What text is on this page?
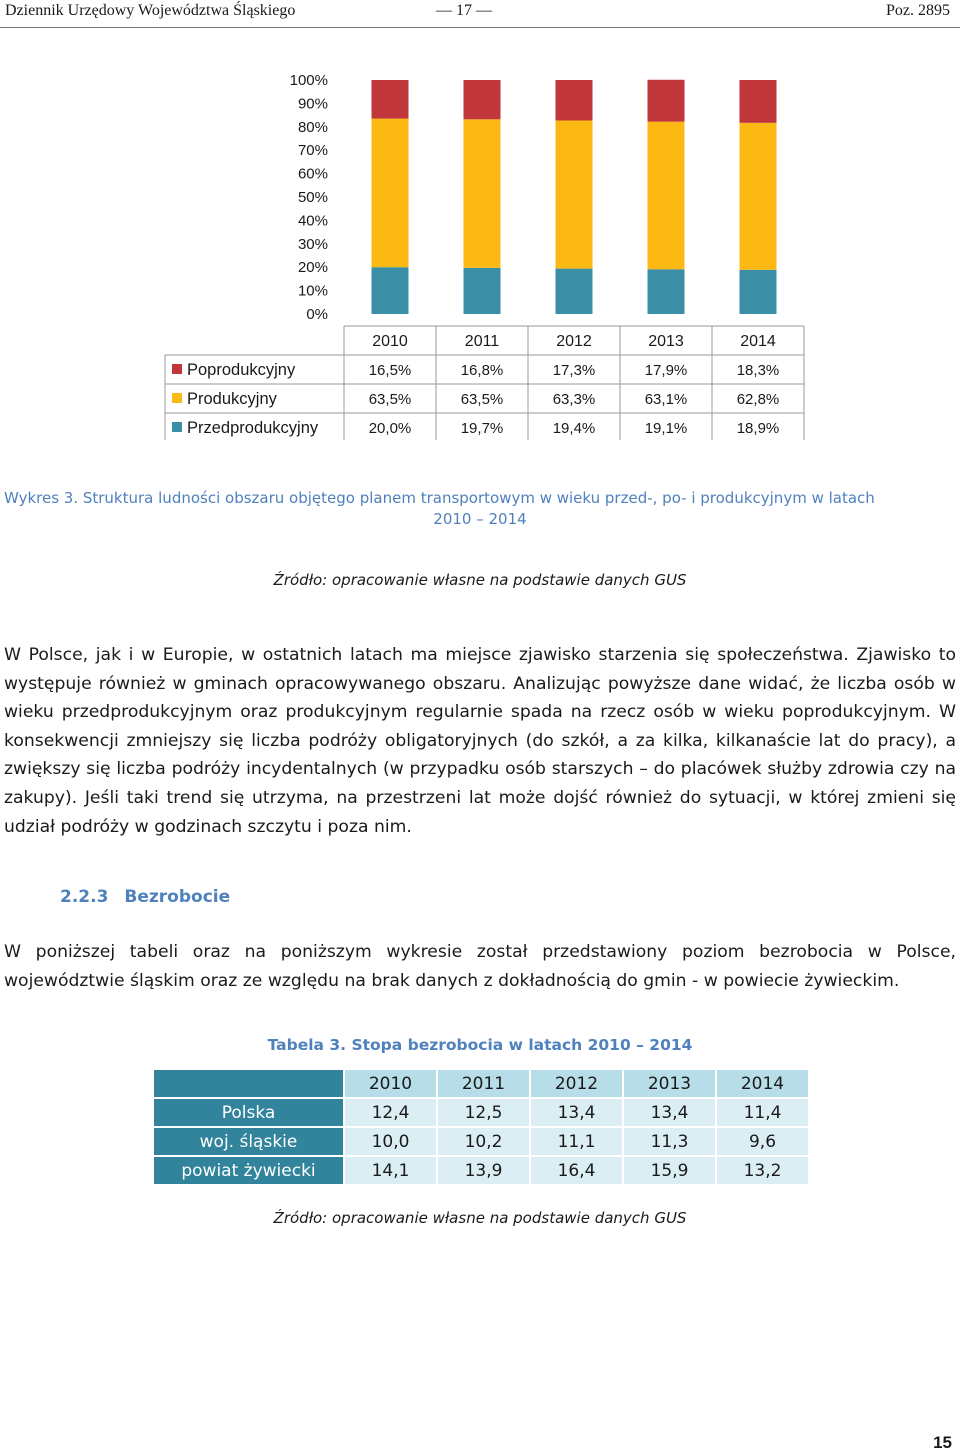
Dziennik Urzędowy Województwa Śląskiego	— 17 —	Poz. 2895
0%
10%
20%
30%
40%
50%
60%
70%
80%
90%
100%
2010	2011	2012	2013	2014
Poprodukcyjny	16,5%	16,8%	17,3%	17,9%	18,3%
Produkcyjny	63,5%	63,5%	63,3%	63,1%	62,8%
Przedprodukcyjny	20,0%	19,7%	19,4%	19,1%	18,9%
Wykres 3. Struktura ludności obszaru objętego planem transportowym w wieku przed-, po- i produkcyjnym w latach
2010 – 2014
Źródło: opracowanie własne na podstawie danych GUS
W Polsce, jak i w Europie, w ostatnich latach ma miejsce zjawisko starzenia się społeczeństwa. Zjawisko to występuje również w gminach opracowywanego obszaru. Analizując powyższe dane widać, że liczba osób w wieku przedprodukcyjnym oraz produkcyjnym regularnie spada na rzecz osób w wieku poprodukcyjnym. W konsekwencji zmniejszy się liczba podróży obligatoryjnych (do szkół, a za kilka, kilkanaście lat do pracy), a zwiększy się liczba podróży incydentalnych (w przypadku osób starszych – do placówek służby zdrowia czy na zakupy). Jeśli taki trend się utrzyma, na przestrzeni lat może dojść również do sytuacji, w której zmieni się udział podróży w godzinach szczytu i poza nim.
2.2.3 Bezrobocie
W poniższej tabeli oraz na poniższym wykresie został przedstawiony poziom bezrobocia w Polsce, województwie śląskim oraz ze względu na brak danych z dokładnością do gmin - w powiecie żywieckim.
Tabela 3. Stopa bezrobocia w latach 2010 – 2014
	2010	2011	2012	2013	2014
Polska	12,4	12,5	13,4	13,4	11,4
woj. śląskie	10,0	10,2	11,1	11,3	9,6
powiat żywiecki	14,1	13,9	16,4	15,9	13,2
Źródło: opracowanie własne na podstawie danych GUS
15
